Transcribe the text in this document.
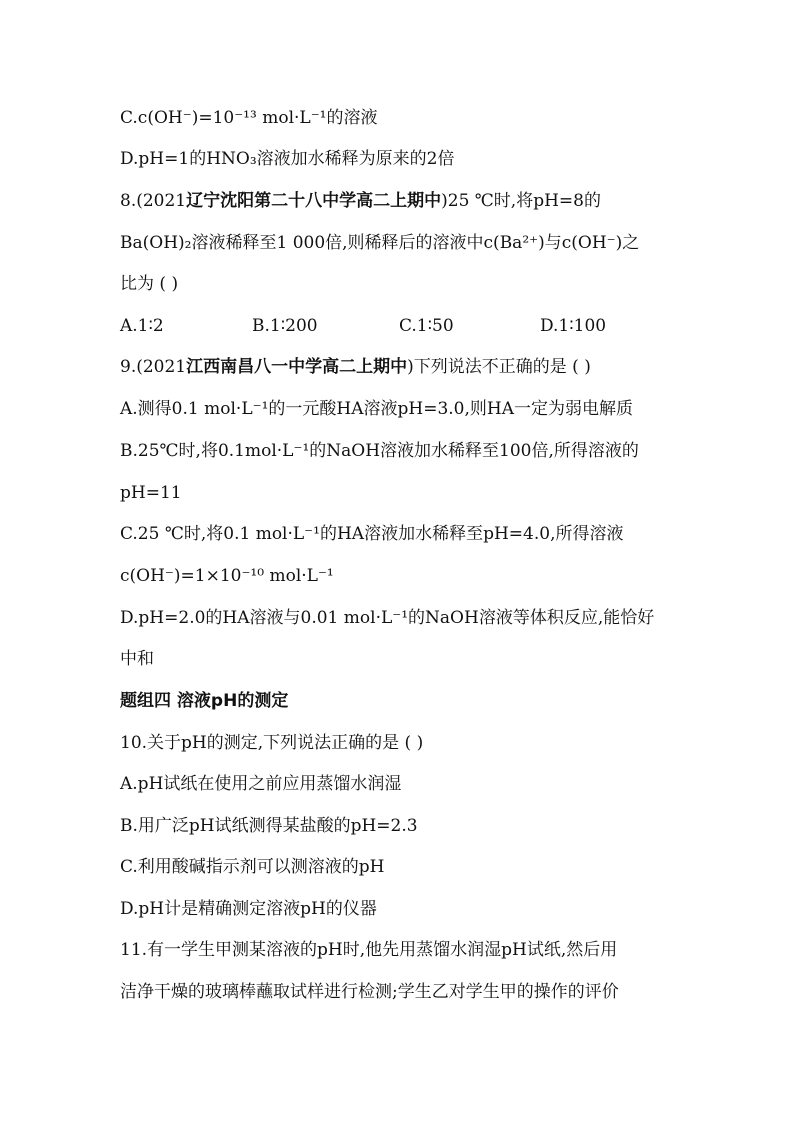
C.c(OH⁻)=10⁻¹³ mol·L⁻¹的溶液
D.pH=1的HNO₃溶液加水稀释为原来的2倍
8.(2021辽宁沈阳第二十八中学高二上期中)25 ℃时,将pH=8的
Ba(OH)₂溶液稀释至1 000倍,则稀释后的溶液中c(Ba²⁺)与c(OH⁻)之
比为 ( )
A.1∶2	B.1∶200	C.1∶50	D.1∶100
9.(2021江西南昌八一中学高二上期中)下列说法不正确的是 ( )
A.测得0.1 mol·L⁻¹的一元酸HA溶液pH=3.0,则HA一定为弱电解质
B.25℃时,将0.1mol·L⁻¹的NaOH溶液加水稀释至100倍,所得溶液的
pH=11
C.25 ℃时,将0.1 mol·L⁻¹的HA溶液加水稀释至pH=4.0,所得溶液
c(OH⁻)=1×10⁻¹⁰ mol·L⁻¹
D.pH=2.0的HA溶液与0.01 mol·L⁻¹的NaOH溶液等体积反应,能恰好
中和
题组四 溶液pH的测定
10.关于pH的测定,下列说法正确的是 ( )
A.pH试纸在使用之前应用蒸馏水润湿
B.用广泛pH试纸测得某盐酸的pH=2.3
C.利用酸碱指示剂可以测溶液的pH
D.pH计是精确测定溶液pH的仪器
11.有一学生甲测某溶液的pH时,他先用蒸馏水润湿pH试纸,然后用
洁净干燥的玻璃棒蘸取试样进行检测;学生乙对学生甲的操作的评价
